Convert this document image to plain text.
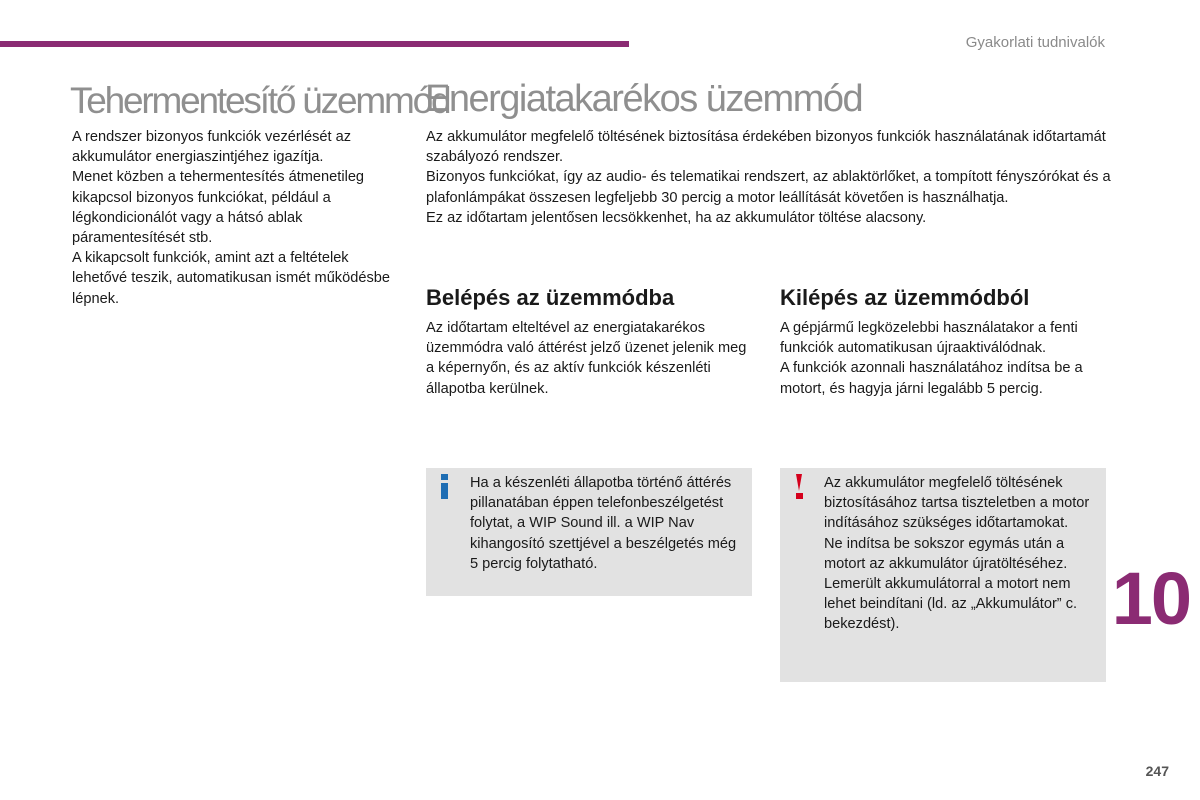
Gyakorlati tudnivalók
Tehermentesítő üzemmód

A rendszer bizonyos funkciók vezérlését az akkumulátor energiaszintjéhez igazítja.

Menet közben a tehermentesítés átmenetileg kikapcsol bizonyos funkciókat, például a légkondicionálót vagy a hátsó ablak páramentesítését stb.

A kikapcsolt funkciók, amint azt a feltételek lehetővé teszik, automatikusan ismét működésbe lépnek.

Energiatakarékos üzemmód

Az akkumulátor megfelelő töltésének biztosítása érdekében bizonyos funkciók használatának időtartamát szabályozó rendszer.

Bizonyos funkciókat, így az audio- és telematikai rendszert, az ablaktörlőket, a tompított fényszórókat és a plafonlámpákat összesen legfeljebb 30 percig a motor leállítását követően is használhatja.

Ez az időtartam jelentősen lecsökkenhet, ha az akkumulátor töltése alacsony.

Belépés az üzemmódba

Az időtartam elteltével az energiatakarékos üzemmódra való áttérést jelző üzenet jelenik meg a képernyőn, és az aktív funkciók készenléti állapotba kerülnek.

Kilépés az üzemmódból

A gépjármű legközelebbi használatakor a fenti funkciók automatikusan újraaktiválódnak.

A funkciók azonnali használatához indítsa be a motort, és hagyja járni legalább 5 percig.

Ha a készenléti állapotba történő áttérés pillanatában éppen telefonbeszélgetést folytat, a WIP Sound ill. a WIP Nav kihangosító szettjével a beszélgetés még 5 percig folytatható.

Az akkumulátor megfelelő töltésének biztosításához tartsa tiszteletben a motor indításához szükséges időtartamokat.

Ne indítsa be sokszor egymás után a motort az akkumulátor újratöltéséhez.

Lemerült akkumulátorral a motort nem lehet beindítani (ld. az „Akkumulátor” c. bekezdést).	10
247
